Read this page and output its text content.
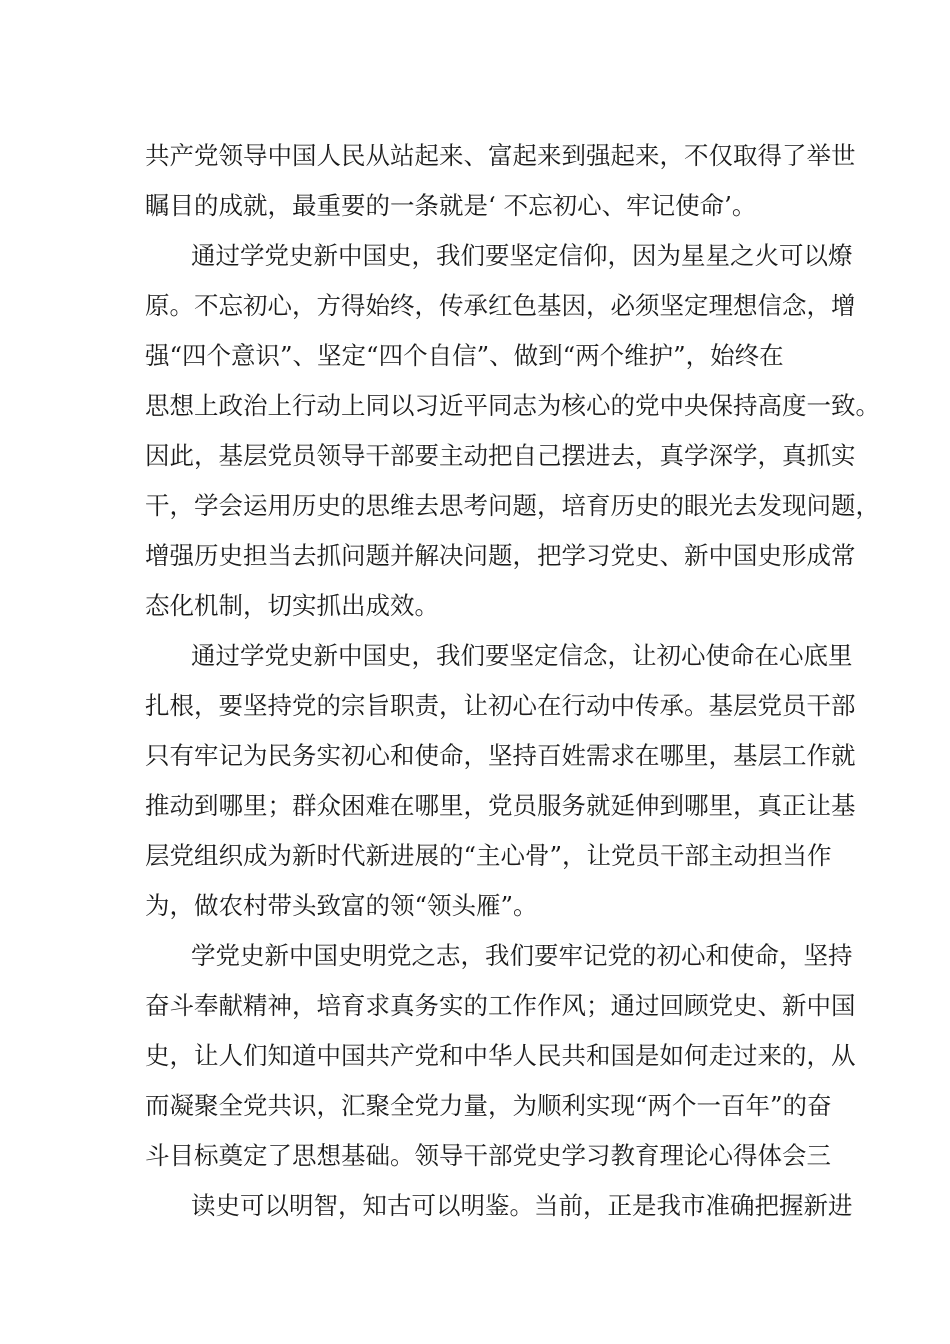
共产党领导中国人民从站起来、富起来到强起来，不仅取得了举世
瞩目的成就，最重要的一条就是‘ 不忘初心、牢记使命’。
通过学党史新中国史，我们要坚定信仰，因为星星之火可以燎
原。不忘初心，方得始终，传承红色基因，必须坚定理想信念，增
强“四个意识”、坚定“四个自信”、做到“两个维护”，始终在
思想上政治上行动上同以习近平同志为核心的党中央保持高度一致。
因此，基层党员领导干部要主动把自己摆进去，真学深学，真抓实
干，学会运用历史的思维去思考问题，培育历史的眼光去发现问题，
增强历史担当去抓问题并解决问题，把学习党史、新中国史形成常
态化机制，切实抓出成效。
通过学党史新中国史，我们要坚定信念，让初心使命在心底里
扎根，要坚持党的宗旨职责，让初心在行动中传承。基层党员干部
只有牢记为民务实初心和使命，坚持百姓需求在哪里，基层工作就
推动到哪里；群众困难在哪里，党员服务就延伸到哪里，真正让基
层党组织成为新时代新进展的“主心骨”，让党员干部主动担当作
为，做农村带头致富的领“领头雁”。
学党史新中国史明党之志，我们要牢记党的初心和使命，坚持
奋斗奉献精神，培育求真务实的工作作风；通过回顾党史、新中国
史，让人们知道中国共产党和中华人民共和国是如何走过来的，从
而凝聚全党共识，汇聚全党力量，为顺利实现“两个一百年”的奋
斗目标奠定了思想基础。领导干部党史学习教育理论心得体会三
读史可以明智，知古可以明鉴。当前，正是我市准确把握新进
